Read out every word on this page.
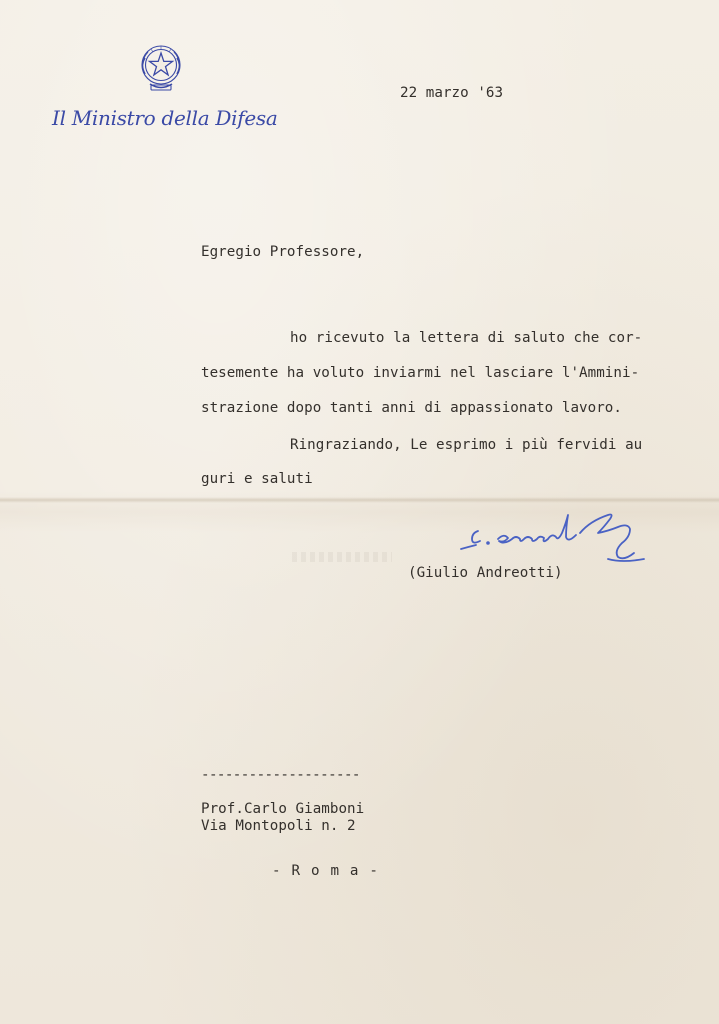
Il Ministro della Difesa
22 marzo '63
Egregio Professore,
ho ricevuto la lettera di saluto che cor-
tesemente ha voluto inviarmi nel lasciare l'Ammini-
strazione dopo tanti anni di appassionato lavoro.
Ringraziando, Le esprimo i più fervidi au
guri e saluti
(Giulio Andreotti)
--------------------
Prof.Carlo Giamboni
Via Montopoli n. 2
- R o m a -
